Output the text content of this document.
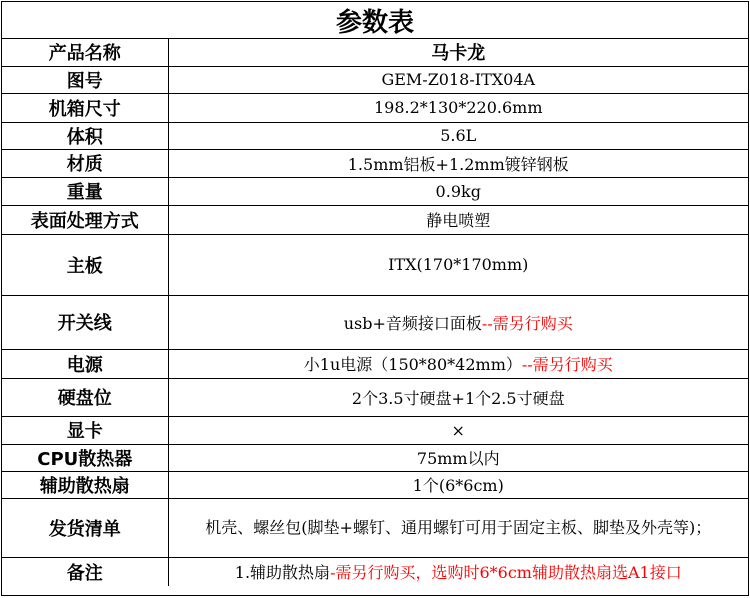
参数表
产品名称	马卡龙
图号	GEM-Z018-ITX04A
机箱尺寸	198.2*130*220.6mm
体积	5.6L
材质	1.5mm铝板+1.2mm镀锌钢板
重量	0.9kg
表面处理方式	静电喷塑
主板	ITX(170*170mm)
开关线	usb+音频接口面板--需另行购买
电源	小1u电源（150*80*42mm）--需另行购买
硬盘位	2个3.5寸硬盘+1个2.5寸硬盘
显卡	×
CPU散热器	75mm以内
辅助散热扇	1个(6*6cm)
发货清单	机壳、螺丝包(脚垫+螺钉、通用螺钉可用于固定主板、脚垫及外壳等)；
备注	1.辅助散热扇-需另行购买，选购时6*6cm辅助散热扇选A1接口
